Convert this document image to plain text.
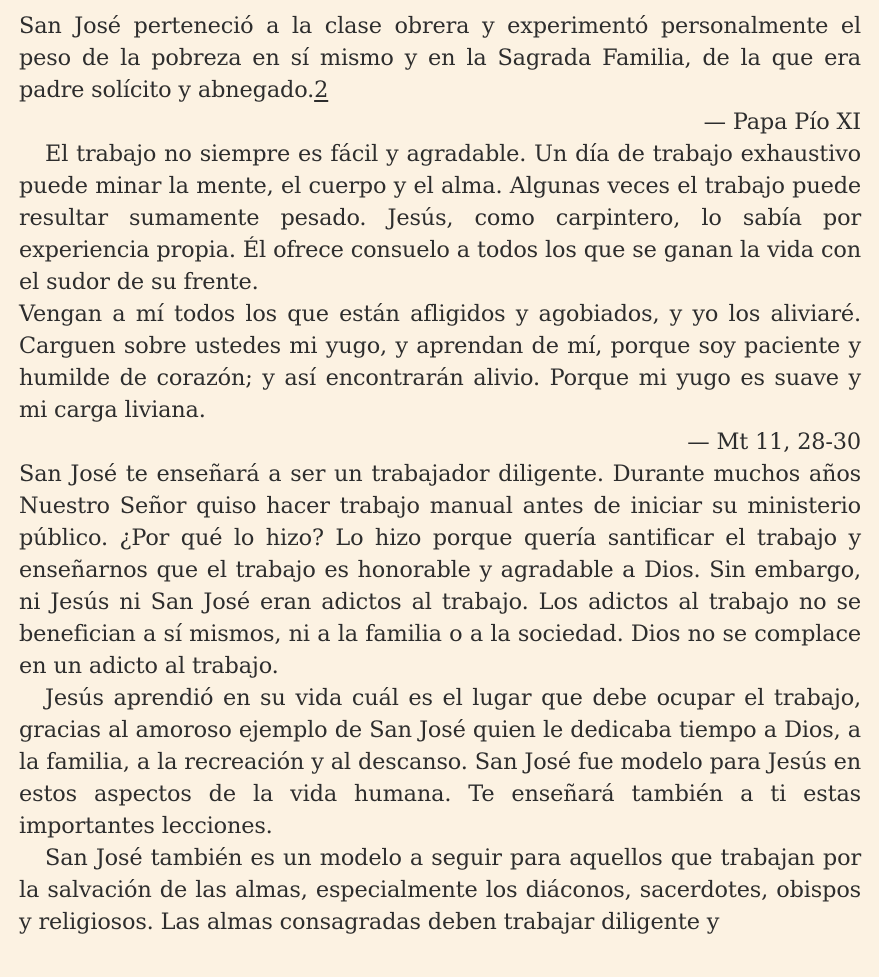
San José perteneció a la clase obrera y experimentó personalmente el peso de la pobreza en sí mismo y en la Sagrada Familia, de la que era padre solícito y abnegado.2

— Papa Pío XI

El trabajo no siempre es fácil y agradable. Un día de trabajo exhaustivo puede minar la mente, el cuerpo y el alma. Algunas veces el trabajo puede resultar sumamente pesado. Jesús, como carpintero, lo sabía por experiencia propia. Él ofrece consuelo a todos los que se ganan la vida con el sudor de su frente.

Vengan a mí todos los que están afligidos y agobiados, y yo los aliviaré. Carguen sobre ustedes mi yugo, y aprendan de mí, porque soy paciente y humilde de corazón; y así encontrarán alivio. Porque mi yugo es suave y mi carga liviana.

— Mt 11, 28-30

San José te enseñará a ser un trabajador diligente. Durante muchos años Nuestro Señor quiso hacer trabajo manual antes de iniciar su ministerio público. ¿Por qué lo hizo? Lo hizo porque quería santificar el trabajo y enseñarnos que el trabajo es honorable y agradable a Dios. Sin embargo, ni Jesús ni San José eran adictos al trabajo. Los adictos al trabajo no se benefician a sí mismos, ni a la familia o a la sociedad. Dios no se complace en un adicto al trabajo.

Jesús aprendió en su vida cuál es el lugar que debe ocupar el trabajo, gracias al amoroso ejemplo de San José quien le dedicaba tiempo a Dios, a la familia, a la recreación y al descanso. San José fue modelo para Jesús en estos aspectos de la vida humana. Te enseñará también a ti estas importantes lecciones.

San José también es un modelo a seguir para aquellos que trabajan por la salvación de las almas, especialmente los diáconos, sacerdotes, obispos y religiosos. Las almas consagradas deben trabajar diligente y
